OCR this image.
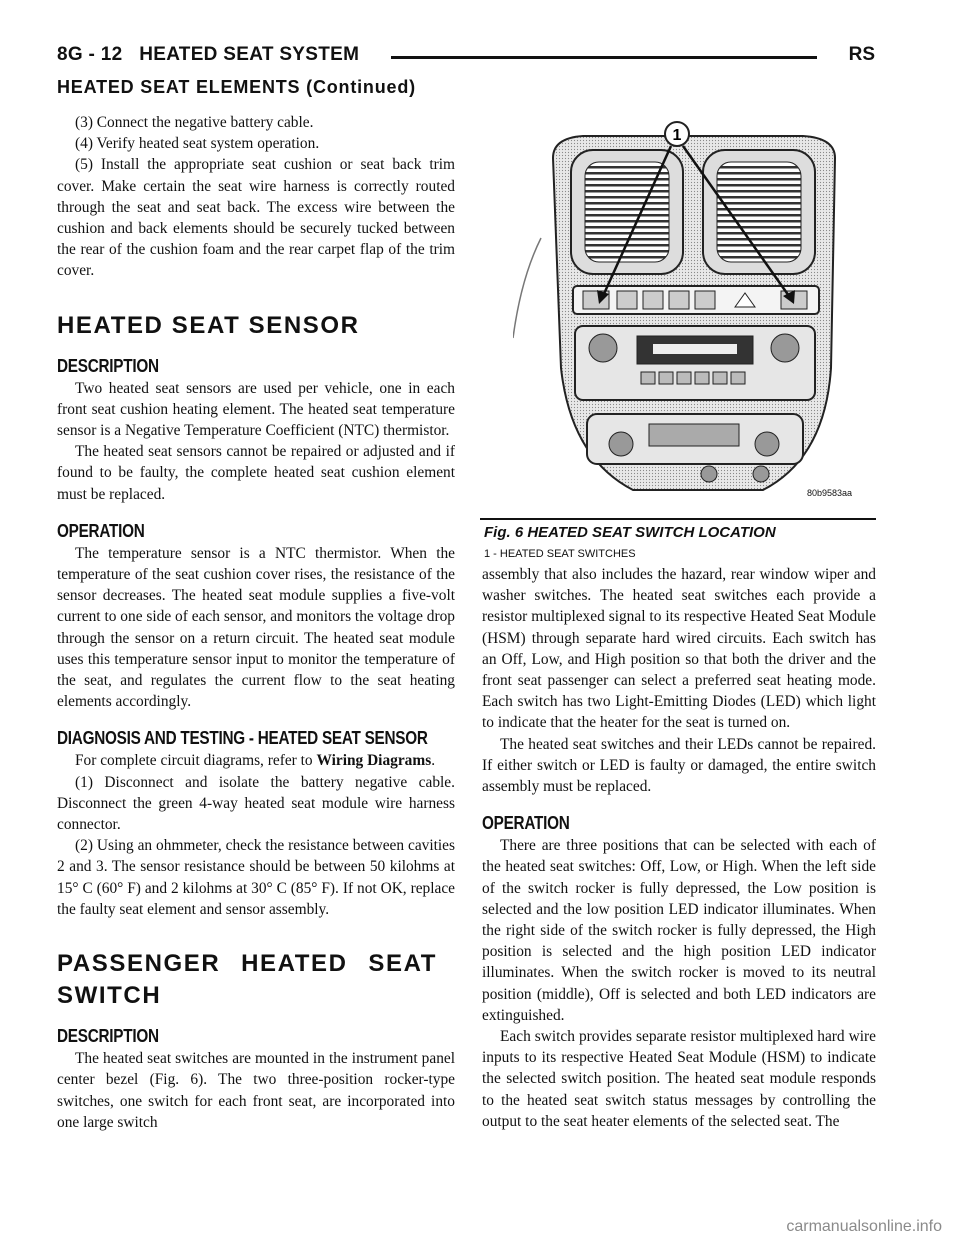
8G - 12   HEATED SEAT SYSTEM	RS
HEATED SEAT ELEMENTS (Continued)

(3) Connect the negative battery cable.

(4) Verify heated seat system operation.

(5) Install the appropriate seat cushion or seat back trim cover. Make certain the seat wire harness is correctly routed through the seat and seat back. The excess wire between the cushion and back elements should be securely tucked between the rear of the cushion foam and the rear carpet flap of the trim cover.

HEATED SEAT SENSOR
DESCRIPTION

Two heated seat sensors are used per vehicle, one in each front seat cushion heating element. The heated seat temperature sensor is a Negative Temperature Coefficient (NTC) thermistor.

The heated seat sensors cannot be repaired or adjusted and if found to be faulty, the complete heated seat cushion element must be replaced.

OPERATION

The temperature sensor is a NTC thermistor. When the temperature of the seat cushion cover rises, the resistance of the sensor decreases. The heated seat module supplies a five-volt current to one side of each sensor, and monitors the voltage drop through the sensor on a return circuit. The heated seat module uses this temperature sensor input to monitor the temperature of the seat, and regulates the current flow to the seat heating elements accordingly.

DIAGNOSIS AND TESTING - HEATED SEAT SENSOR

For complete circuit diagrams, refer to Wiring Diagrams.

(1) Disconnect and isolate the battery negative cable. Disconnect the green 4-way heated seat module wire harness connector.

(2) Using an ohmmeter, check the resistance between cavities 2 and 3. The sensor resistance should be between 50 kilohms at 15° C (60° F) and 2 kilohms at 30° C (85° F). If not OK, replace the faulty seat element and sensor assembly.

PASSENGER HEATED SEAT SWITCH
DESCRIPTION

The heated seat switches are mounted in the instrument panel center bezel (Fig. 6). The two three-position rocker-type switches, one switch for each front seat, are incorporated into one large switch

1
80b9583aa
Fig. 6 HEATED SEAT SWITCH LOCATION
1 - HEATED SEAT SWITCHES

assembly that also includes the hazard, rear window wiper and washer switches. The heated seat switches each provide a resistor multiplexed signal to its respective Heated Seat Module (HSM) through separate hard wired circuits. Each switch has an Off, Low, and High position so that both the driver and the front seat passenger can select a preferred seat heating mode. Each switch has two Light-Emitting Diodes (LED) which light to indicate that the heater for the seat is turned on.

The heated seat switches and their LEDs cannot be repaired. If either switch or LED is faulty or damaged, the entire switch assembly must be replaced.

OPERATION

There are three positions that can be selected with each of the heated seat switches: Off, Low, or High. When the left side of the switch rocker is fully depressed, the Low position is selected and the low position LED indicator illuminates. When the right side of the switch rocker is fully depressed, the High position is selected and the high position LED indicator illuminates. When the switch rocker is moved to its neutral position (middle), Off is selected and both LED indicators are extinguished.

Each switch provides separate resistor multiplexed hard wire inputs to its respective Heated Seat Module (HSM) to indicate the selected switch position. The heated seat module responds to the heated seat switch status messages by controlling the output to the seat heater elements of the selected seat. The

carmanualsonline.info
